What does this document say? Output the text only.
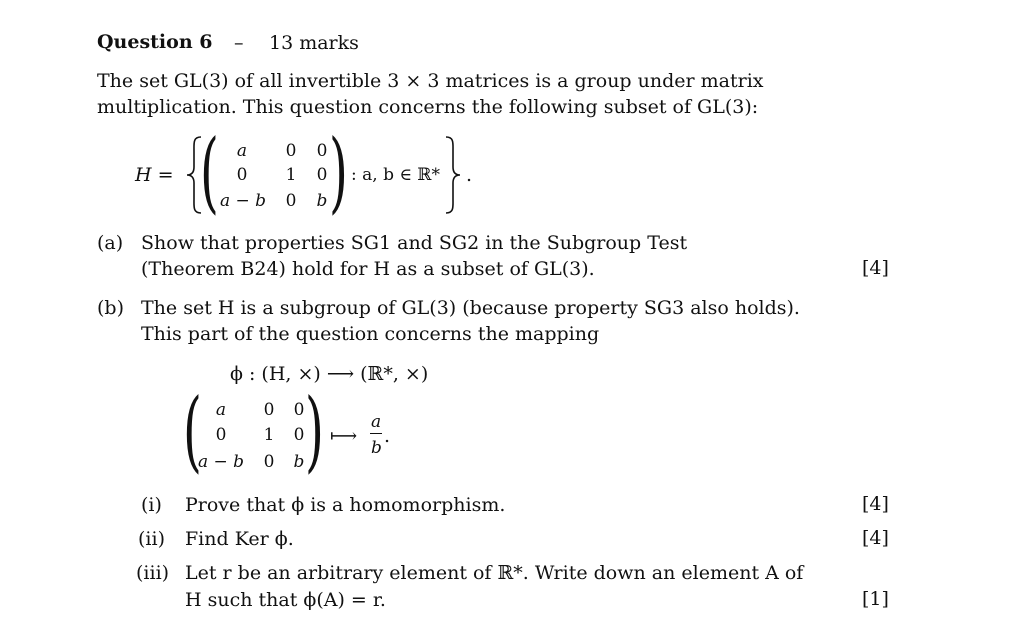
Question 6 – 13 marks
The set GL(3) of all invertible 3 × 3 matrices is a group under matrix
multiplication. This question concerns the following subset of GL(3):
H = (	a	0	0
0	1	0
a − b	0	b ) : a, b ∈ ℝ* .
(a) Show that properties SG1 and SG2 in the Subgroup Test
(Theorem B24) hold for H as a subset of GL(3).	[4]
(b) The set H is a subgroup of GL(3) (because property SG3 also holds).
This part of the question concerns the mapping
ϕ : (H, ×) ⟶ (ℝ*, ×)
( a	0	0
0	1	0
a − b	0	b ) ⟼
a
b
.
(i) Prove that ϕ is a homomorphism.	[4]
(ii) Find Ker ϕ.	[4]
(iii) Let r be an arbitrary element of ℝ*. Write down an element A of
H such that ϕ(A) = r.	[1]
